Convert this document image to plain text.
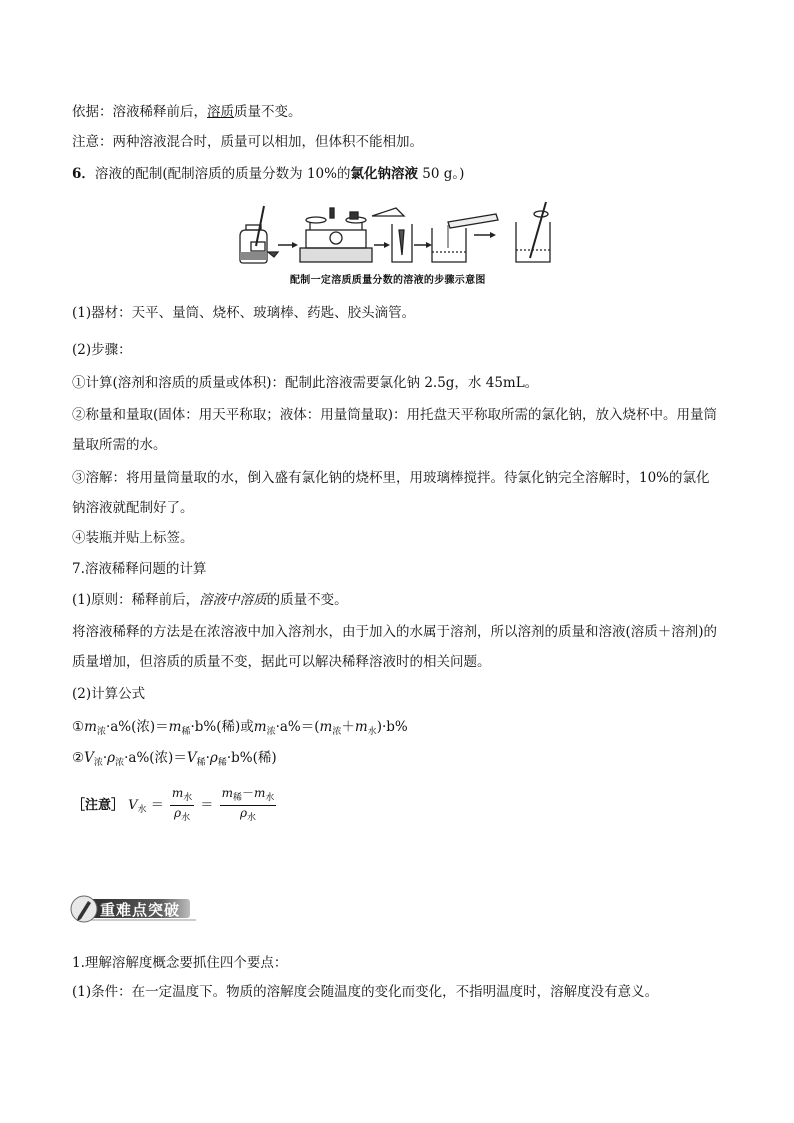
依据：溶液稀释前后，溶质质量不变。
注意：两种溶液混合时，质量可以相加，但体积不能相加。
6．溶液的配制(配制溶质的质量分数为 10%的氯化钠溶液 50 g。)
配制一定溶质质量分数的溶液的步骤示意图
(1)器材：天平、量筒、烧杯、玻璃棒、药匙、胶头滴管。
(2)步骤：
①计算(溶剂和溶质的质量或体积)：配制此溶液需要氯化钠 2.5g，水 45mL。
②称量和量取(固体：用天平称取；液体：用量筒量取)：用托盘天平称取所需的氯化钠，放入烧杯中。用量筒量取所需的水。
③溶解：将用量筒量取的水，倒入盛有氯化钠的烧杯里，用玻璃棒搅拌。待氯化钠完全溶解时，10%的氯化钠溶液就配制好了。
④装瓶并贴上标签。
7.溶液稀释问题的计算
(1)原则：稀释前后，溶液中溶质的质量不变。
将溶液稀释的方法是在浓溶液中加入溶剂水，由于加入的水属于溶剂，所以溶剂的质量和溶液(溶质＋溶剂)的质量增加，但溶质的质量不变，据此可以解决稀释溶液时的相关问题。
(2)计算公式
$①m_浓\cdot a\%$(浓)$=m_稀\cdot b\%$(稀)或$m_浓\cdot a\%=(m_浓+m_水)\cdot b\%$
$②V_浓\cdot\rho_浓\cdot a\%$(浓)$=V_稀\cdot\rho_稀\cdot b\%$(稀)
［注意］ $V_水 = \frac{m_水}{\rho_水} = \frac{m_稀-m_水}{\rho_水}$
重难点突破
1.理解溶解度概念要抓住四个要点：
(1)条件：在一定温度下。物质的溶解度会随温度的变化而变化，不指明温度时，溶解度没有意义。
